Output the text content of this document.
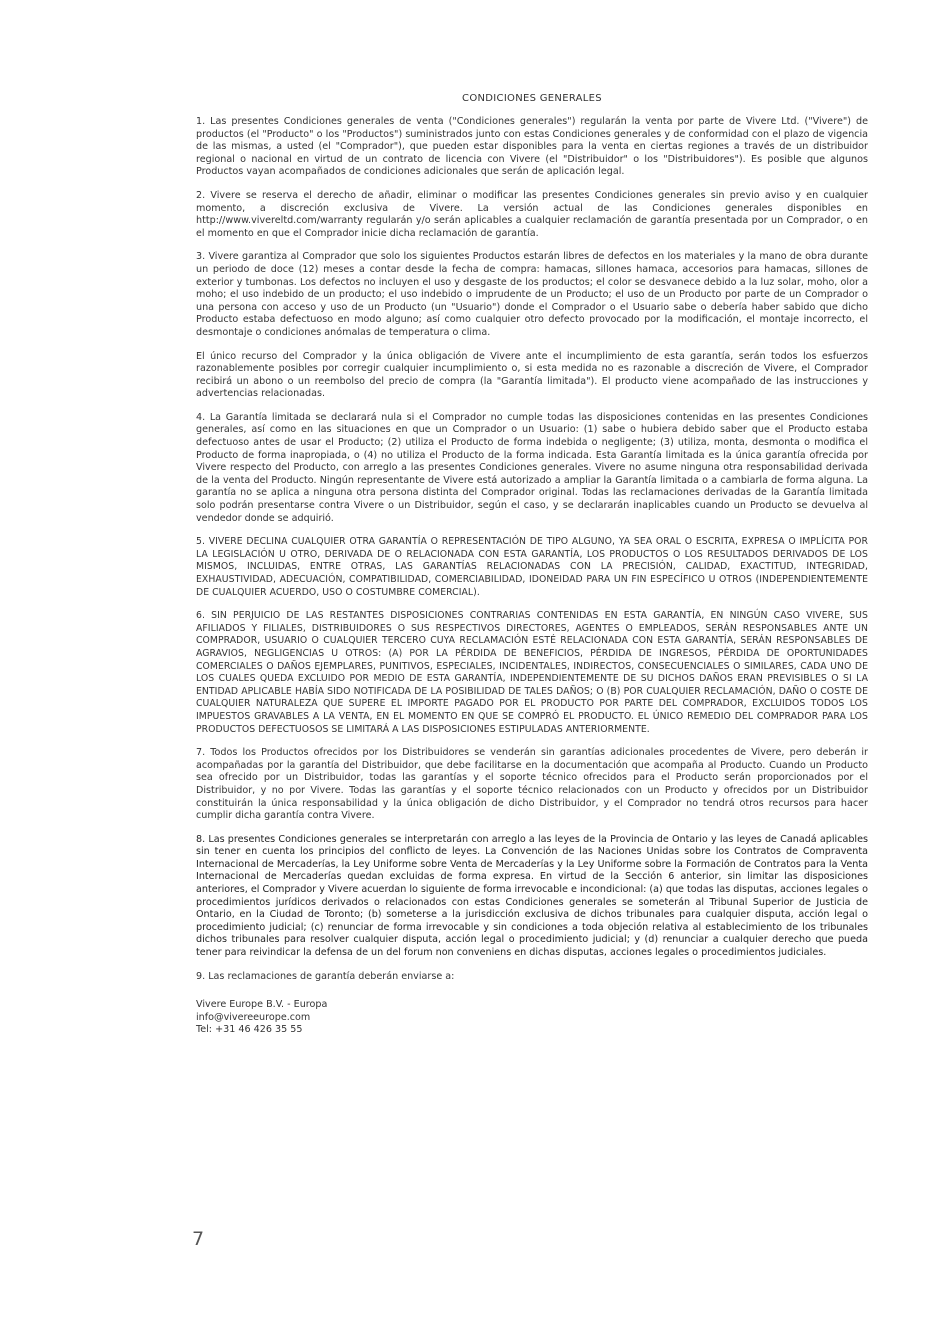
CONDICIONES GENERALES

1. Las presentes Condiciones generales de venta ("Condiciones generales") regularán la venta por parte de Vivere Ltd. ("Vivere") de productos (el "Producto" o los "Productos") suministrados junto con estas Condiciones generales y de conformidad con el plazo de vigencia de las mismas, a usted (el "Comprador"), que pueden estar disponibles para la venta en ciertas regiones a través de un distribuidor regional o nacional en virtud de un contrato de licencia con Vivere (el "Distribuidor" o los "Distribuidores"). Es posible que algunos Productos vayan acompañados de condiciones adicionales que serán de aplicación legal.

2. Vivere se reserva el derecho de añadir, eliminar o modificar las presentes Condiciones generales sin previo aviso y en cualquier momento, a discreción exclusiva de Vivere. La versión actual de las Condiciones generales disponibles en http://www.vivereltd.com/warranty regularán y/o serán aplicables a cualquier reclamación de garantía presentada por un Comprador, o en el momento en que el Comprador inicie dicha reclamación de garantía.

3. Vivere garantiza al Comprador que solo los siguientes Productos estarán libres de defectos en los materiales y la mano de obra durante un periodo de doce (12) meses a contar desde la fecha de compra: hamacas, sillones hamaca, accesorios para hamacas, sillones de exterior y tumbonas. Los defectos no incluyen el uso y desgaste de los productos; el color se desvanece debido a la luz solar, moho, olor a moho; el uso indebido de un producto; el uso indebido o imprudente de un Producto; el uso de un Producto por parte de un Comprador o una persona con acceso y uso de un Producto (un "Usuario") donde el Comprador o el Usuario sabe o debería haber sabido que dicho Producto estaba defectuoso en modo alguno; así como cualquier otro defecto provocado por la modificación, el montaje incorrecto, el desmontaje o condiciones anómalas de temperatura o clima.

El único recurso del Comprador y la única obligación de Vivere ante el incumplimiento de esta garantía, serán todos los esfuerzos razonablemente posibles por corregir cualquier incumplimiento o, si esta medida no es razonable a discreción de Vivere, el Comprador recibirá un abono o un reembolso del precio de compra (la "Garantía limitada"). El producto viene acompañado de las instrucciones y advertencias relacionadas.

4. La Garantía limitada se declarará nula si el Comprador no cumple todas las disposiciones contenidas en las presentes Condiciones generales, así como en las situaciones en que un Comprador o un Usuario: (1) sabe o hubiera debido saber que el Producto estaba defectuoso antes de usar el Producto; (2) utiliza el Producto de forma indebida o negligente; (3) utiliza, monta, desmonta o modifica el Producto de forma inapropiada, o (4) no utiliza el Producto de la forma indicada. Esta Garantía limitada es la única garantía ofrecida por Vivere respecto del Producto, con arreglo a las presentes Condiciones generales. Vivere no asume ninguna otra responsabilidad derivada de la venta del Producto. Ningún representante de Vivere está autorizado a ampliar la Garantía limitada o a cambiarla de forma alguna. La garantía no se aplica a ninguna otra persona distinta del Comprador original. Todas las reclamaciones derivadas de la Garantía limitada solo podrán presentarse contra Vivere o un Distribuidor, según el caso, y se declararán inaplicables cuando un Producto se devuelva al vendedor donde se adquirió.

5. VIVERE DECLINA CUALQUIER OTRA GARANTÍA O REPRESENTACIÓN DE TIPO ALGUNO, YA SEA ORAL O ESCRITA, EXPRESA O IMPLÍCITA POR LA LEGISLACIÓN U OTRO, DERIVADA DE O RELACIONADA CON ESTA GARANTÍA, LOS PRODUCTOS O LOS RESULTADOS DERIVADOS DE LOS MISMOS, INCLUIDAS, ENTRE OTRAS, LAS GARANTÍAS RELACIONADAS CON LA PRECISIÓN, CALIDAD, EXACTITUD, INTEGRIDAD, EXHAUSTIVIDAD, ADECUACIÓN, COMPATIBILIDAD, COMERCIABILIDAD, IDONEIDAD PARA UN FIN ESPECÍFICO U OTROS (INDEPENDIENTEMENTE DE CUALQUIER ACUERDO, USO O COSTUMBRE COMERCIAL).

6. SIN PERJUICIO DE LAS RESTANTES DISPOSICIONES CONTRARIAS CONTENIDAS EN ESTA GARANTÍA, EN NINGÚN CASO VIVERE, SUS AFILIADOS Y FILIALES, DISTRIBUIDORES O SUS RESPECTIVOS DIRECTORES, AGENTES O EMPLEADOS, SERÁN RESPONSABLES ANTE UN COMPRADOR, USUARIO O CUALQUIER TERCERO CUYA RECLAMACIÓN ESTÉ RELACIONADA CON ESTA GARANTÍA, SERÁN RESPONSABLES DE AGRAVIOS, NEGLIGENCIAS U OTROS: (A) POR LA PÉRDIDA DE BENEFICIOS, PÉRDIDA DE INGRESOS, PÉRDIDA DE OPORTUNIDADES COMERCIALES O DAÑOS EJEMPLARES, PUNITIVOS, ESPECIALES, INCIDENTALES, INDIRECTOS, CONSECUENCIALES O SIMILARES, CADA UNO DE LOS CUALES QUEDA EXCLUIDO POR MEDIO DE ESTA GARANTÍA, INDEPENDIENTEMENTE DE SU DICHOS DAÑOS ERAN PREVISIBLES O SI LA ENTIDAD APLICABLE HABÍA SIDO NOTIFICADA DE LA POSIBILIDAD DE TALES DAÑOS; O (B) POR CUALQUIER RECLAMACIÓN, DAÑO O COSTE DE CUALQUIER NATURALEZA QUE SUPERE EL IMPORTE PAGADO POR EL PRODUCTO POR PARTE DEL COMPRADOR, EXCLUIDOS TODOS LOS IMPUESTOS GRAVABLES A LA VENTA, EN EL MOMENTO EN QUE SE COMPRÓ EL PRODUCTO. EL ÚNICO REMEDIO DEL COMPRADOR PARA LOS PRODUCTOS DEFECTUOSOS SE LIMITARÁ A LAS DISPOSICIONES ESTIPULADAS ANTERIORMENTE.

7. Todos los Productos ofrecidos por los Distribuidores se venderán sin garantías adicionales procedentes de Vivere, pero deberán ir acompañadas por la garantía del Distribuidor, que debe facilitarse en la documentación que acompaña al Producto. Cuando un Producto sea ofrecido por un Distribuidor, todas las garantías y el soporte técnico ofrecidos para el Producto serán proporcionados por el Distribuidor, y no por Vivere. Todas las garantías y el soporte técnico relacionados con un Producto y ofrecidos por un Distribuidor constituirán la única responsabilidad y la única obligación de dicho Distribuidor, y el Comprador no tendrá otros recursos para hacer cumplir dicha garantía contra Vivere.

8. Las presentes Condiciones generales se interpretarán con arreglo a las leyes de la Provincia de Ontario y las leyes de Canadá aplicables sin tener en cuenta los principios del conflicto de leyes. La Convención de las Naciones Unidas sobre los Contratos de Compraventa Internacional de Mercaderías, la Ley Uniforme sobre Venta de Mercaderías y la Ley Uniforme sobre la Formación de Contratos para la Venta Internacional de Mercaderías quedan excluidas de forma expresa. En virtud de la Sección 6 anterior, sin limitar las disposiciones anteriores, el Comprador y Vivere acuerdan lo siguiente de forma irrevocable e incondicional: (a) que todas las disputas, acciones legales o procedimientos jurídicos derivados o relacionados con estas Condiciones generales se someterán al Tribunal Superior de Justicia de Ontario, en la Ciudad de Toronto; (b) someterse a la jurisdicción exclusiva de dichos tribunales para cualquier disputa, acción legal o procedimiento judicial; (c) renunciar de forma irrevocable y sin condiciones a toda objeción relativa al establecimiento de los tribunales dichos tribunales para resolver cualquier disputa, acción legal o procedimiento judicial; y (d) renunciar a cualquier derecho que pueda tener para reivindicar la defensa de un del forum non conveniens en dichas disputas, acciones legales o procedimientos judiciales.

9. Las reclamaciones de garantía deberán enviarse a:

Vivere Europe B.V. - Europa
info@vivereeurope.com
Tel: +31 46 426 35 55
7
